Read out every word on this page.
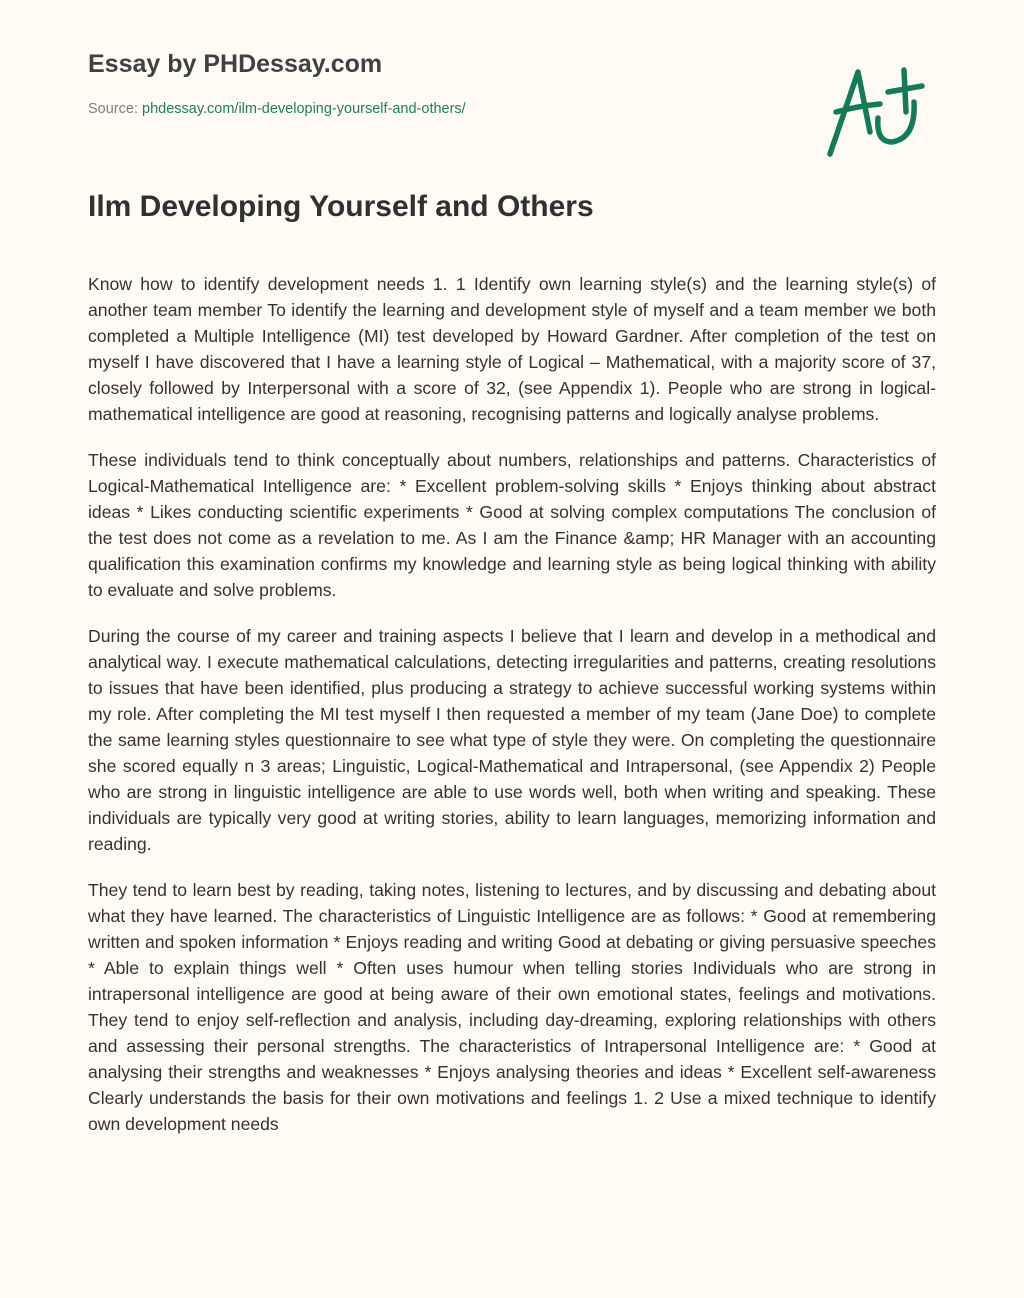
Essay by PHDessay.com
Source: phdessay.com/ilm-developing-yourself-and-others/
Ilm Developing Yourself and Others

Know how to identify development needs 1. 1 Identify own learning style(s) and the learning style(s) of another team member To identify the learning and development style of myself and a team member we both completed a Multiple Intelligence (MI) test developed by Howard Gardner. After completion of the test on myself I have discovered that I have a learning style of Logical – Mathematical, with a majority score of 37, closely followed by Interpersonal with a score of 32, (see Appendix 1). People who are strong in logical-mathematical intelligence are good at reasoning, recognising patterns and logically analyse problems.

These individuals tend to think conceptually about numbers, relationships and patterns. Characteristics of Logical-Mathematical Intelligence are: * Excellent problem-solving skills * Enjoys thinking about abstract ideas * Likes conducting scientific experiments * Good at solving complex computations The conclusion of the test does not come as a revelation to me. As I am the Finance &amp; HR Manager with an accounting qualification this examination confirms my knowledge and learning style as being logical thinking with ability to evaluate and solve problems.

During the course of my career and training aspects I believe that I learn and develop in a methodical and analytical way. I execute mathematical calculations, detecting irregularities and patterns, creating resolutions to issues that have been identified, plus producing a strategy to achieve successful working systems within my role. After completing the MI test myself I then requested a member of my team (Jane Doe) to complete the same learning styles questionnaire to see what type of style they were. On completing the questionnaire she scored equally n 3 areas; Linguistic, Logical-Mathematical and Intrapersonal, (see Appendix 2) People who are strong in linguistic intelligence are able to use words well, both when writing and speaking. These individuals are typically very good at writing stories, ability to learn languages, memorizing information and reading.

They tend to learn best by reading, taking notes, listening to lectures, and by discussing and debating about what they have learned. The characteristics of Linguistic Intelligence are as follows: * Good at remembering written and spoken information * Enjoys reading and writing Good at debating or giving persuasive speeches * Able to explain things well * Often uses humour when telling stories Individuals who are strong in intrapersonal intelligence are good at being aware of their own emotional states, feelings and motivations. They tend to enjoy self-reflection and analysis, including day-dreaming, exploring relationships with others and assessing their personal strengths. The characteristics of Intrapersonal Intelligence are: * Good at analysing their strengths and weaknesses * Enjoys analysing theories and ideas * Excellent self-awareness Clearly understands the basis for their own motivations and feelings 1. 2 Use a mixed technique to identify own development needs
